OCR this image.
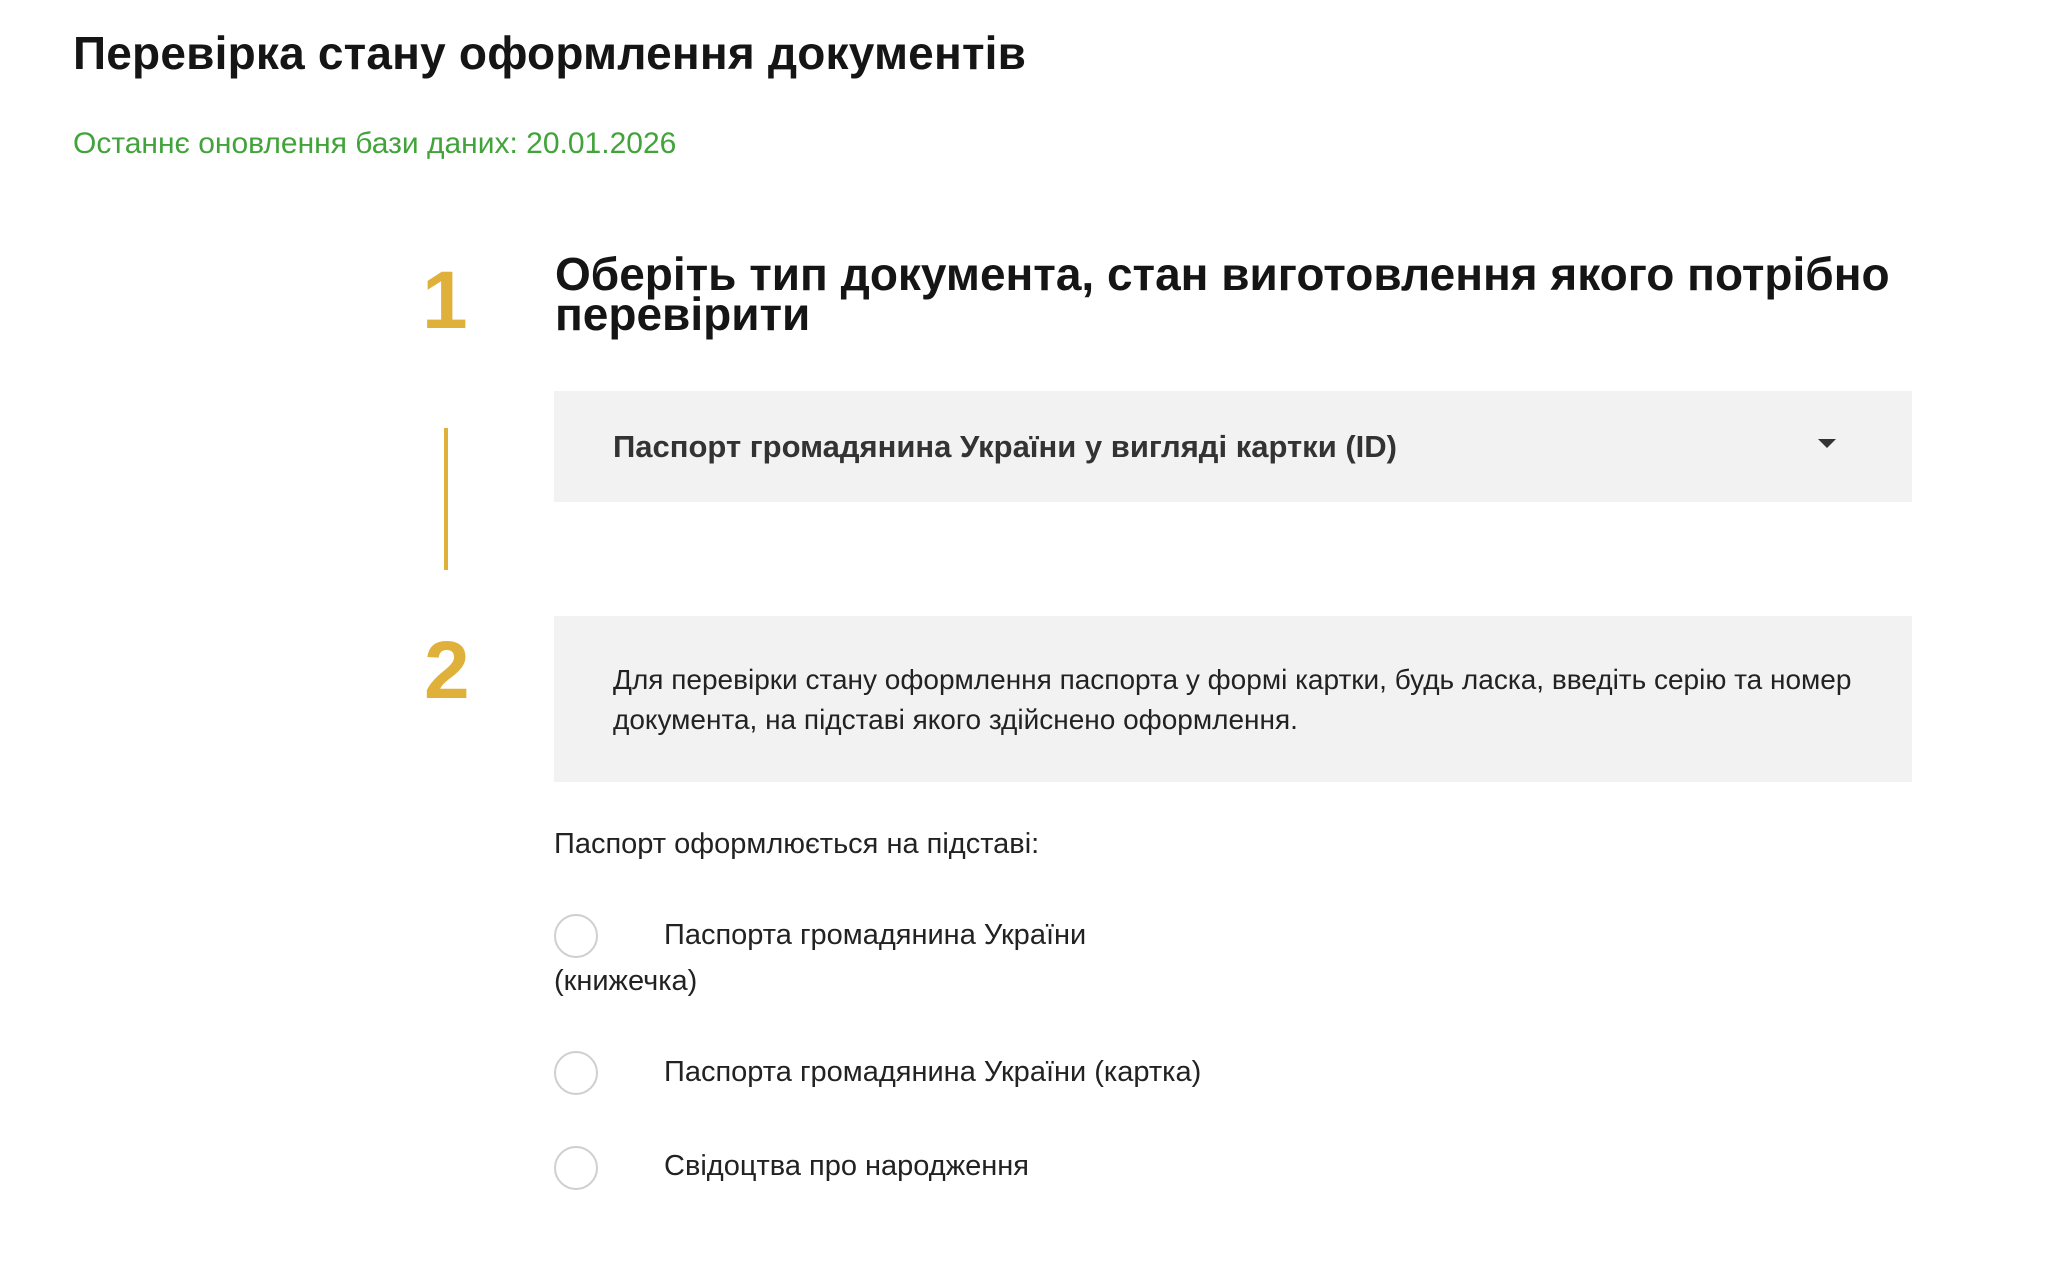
Перевірка стану оформлення документів
Останнє оновлення бази даних: 20.01.2026
1 Оберіть тип документа, стан виготовлення якого потрібно перевірити
Паспорт громадянина України у вигляді картки (ID)
2	Для перевірки стану оформлення паспорта у формі картки, будь ласка, введіть серію та номер документа, на підставі якого здійснено оформлення.
Паспорт оформлюється на підставі:
Паспорта громадянина України (книжечка)
Паспорта громадянина України (картка)
Свідоцтва про народження
